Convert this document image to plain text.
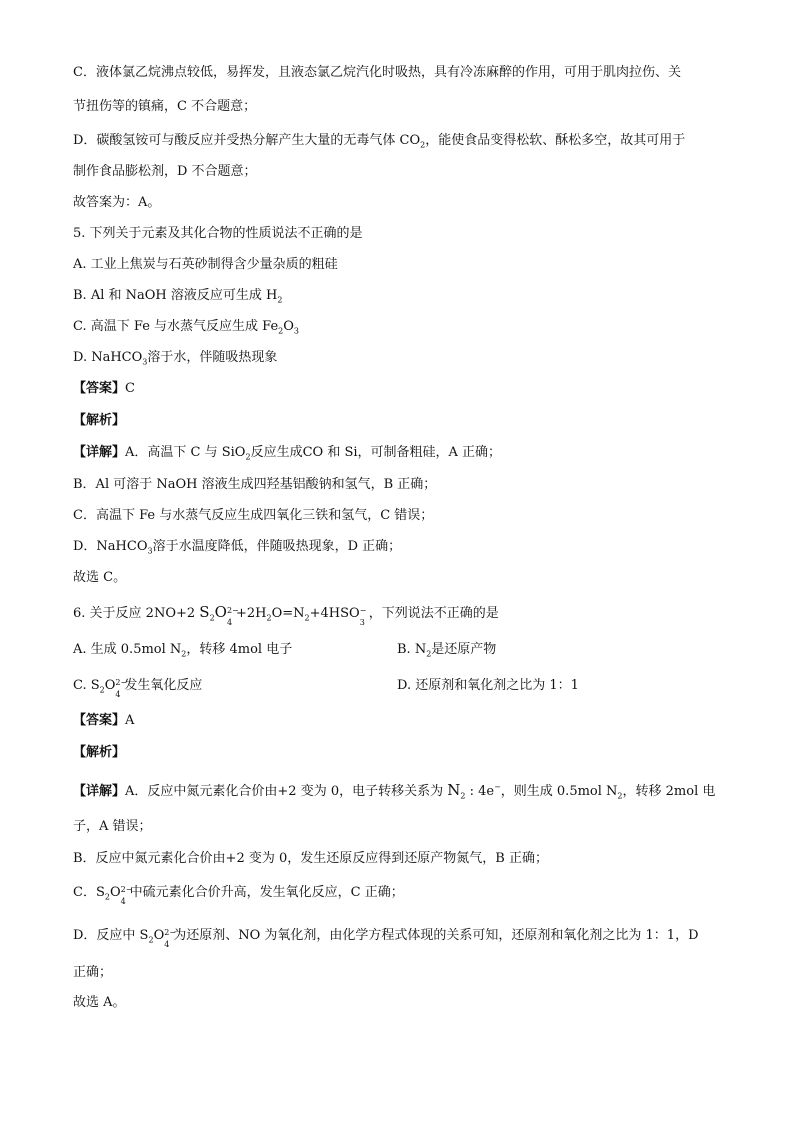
C．液体氯乙烷沸点较低，易挥发，且液态氯乙烷汽化时吸热，具有冷冻麻醉的作用，可用于肌肉拉伤、关
节扭伤等的镇痛，C 不合题意；
D．碳酸氢铵可与酸反应并受热分解产生大量的无毒气体 $CO_2$，能使食品变得松软、酥松多空，故其可用于
制作食品膨松剂，D 不合题意；
故答案为：A。
5. 下列关于元素及其化合物的性质说法不正确的是
A. 工业上焦炭与石英砂制得含少量杂质的粗硅
B. Al 和 NaOH 溶液反应可生成 $H_2$
C. 高温下 Fe 与水蒸气反应生成 $Fe_2O_3$
D. NaHCO$_3$溶于水，伴随吸热现象
【答案】C
【解析】
【详解】A．高温下 C 与 SiO$_2$反应生成CO 和 Si，可制备粗硅，A 正确；
B．Al 可溶于 NaOH 溶液生成四羟基铝酸钠和氢气，B 正确；
C．高温下 Fe 与水蒸气反应生成四氧化三铁和氢气，C 错误；
D．NaHCO$_3$溶于水温度降低，伴随吸热现象，D 正确；
故选 C。
6. 关于反应 2NO+2 $S_2O$ 2−
4
$+2H_2O=N_2+4HSO$ −
3
，下列说法不正确的是
A. 生成 0.5mol $N_2$，转移 4mol 电子	B. $N_2$是还原产物
C. $S_2O$ 2−
4
发生氧化反应	D. 还原剂和氧化剂之比为 1：1
【答案】A
【解析】
【详解】A．反应中氮元素化合价由+2 变为 0，电子转移关系为 $N_2$ : 4e−，则生成 0.5mol $N_2$，转移 2mol 电
子，A 错误；
B．反应中氮元素化合价由+2 变为 0，发生还原反应得到还原产物氮气，B 正确；
C．$S_2O$ 2−
4
中硫元素化合价升高，发生氧化反应，C 正确；
D．反应中 $S_2O$ 2−
4
为还原剂、NO 为氧化剂，由化学方程式体现的关系可知，还原剂和氧化剂之比为 1：1，D
正确；
故选 A。
